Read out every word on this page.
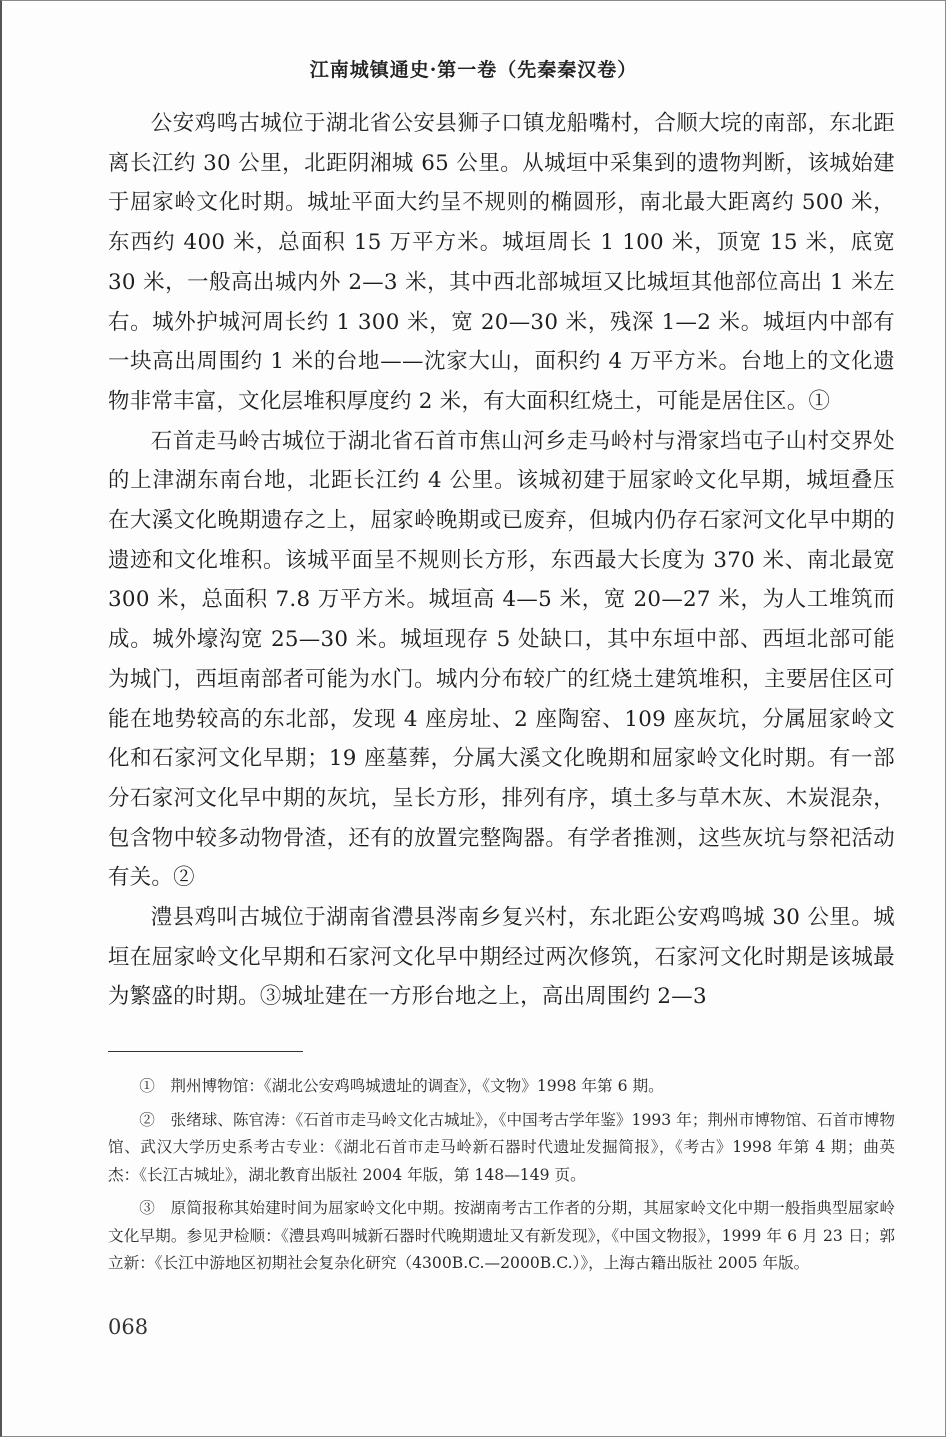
江南城镇通史·第一卷（先秦秦汉卷）

公安鸡鸣古城位于湖北省公安县狮子口镇龙船嘴村，合顺大垸的南部，东北距离长江约 30 公里，北距阴湘城 65 公里。从城垣中采集到的遗物判断，该城始建于屈家岭文化时期。城址平面大约呈不规则的椭圆形，南北最大距离约 500 米，东西约 400 米，总面积 15 万平方米。城垣周长 1 100 米，顶宽 15 米，底宽 30 米，一般高出城内外 2—3 米，其中西北部城垣又比城垣其他部位高出 1 米左右。城外护城河周长约 1 300 米，宽 20—30 米，残深 1—2 米。城垣内中部有一块高出周围约 1 米的台地——沈家大山，面积约 4 万平方米。台地上的文化遗物非常丰富，文化层堆积厚度约 2 米，有大面积红烧土，可能是居住区。①

石首走马岭古城位于湖北省石首市焦山河乡走马岭村与滑家垱屯子山村交界处的上津湖东南台地，北距长江约 4 公里。该城初建于屈家岭文化早期，城垣叠压在大溪文化晚期遗存之上，屈家岭晚期或已废弃，但城内仍存石家河文化早中期的遗迹和文化堆积。该城平面呈不规则长方形，东西最大长度为 370 米、南北最宽 300 米，总面积 7.8 万平方米。城垣高 4—5 米，宽 20—27 米，为人工堆筑而成。城外壕沟宽 25—30 米。城垣现存 5 处缺口，其中东垣中部、西垣北部可能为城门，西垣南部者可能为水门。城内分布较广的红烧土建筑堆积，主要居住区可能在地势较高的东北部，发现 4 座房址、2 座陶窑、109 座灰坑，分属屈家岭文化和石家河文化早期；19 座墓葬，分属大溪文化晚期和屈家岭文化时期。有一部分石家河文化早中期的灰坑，呈长方形，排列有序，填土多与草木灰、木炭混杂，包含物中较多动物骨渣，还有的放置完整陶器。有学者推测，这些灰坑与祭祀活动有关。②

澧县鸡叫古城位于湖南省澧县涔南乡复兴村，东北距公安鸡鸣城 30 公里。城垣在屈家岭文化早期和石家河文化早中期经过两次修筑，石家河文化时期是该城最为繁盛的时期。③城址建在一方形台地之上，高出周围约 2—3

①　荆州博物馆：《湖北公安鸡鸣城遗址的调查》，《文物》1998 年第 6 期。

②　张绪球、陈官涛：《石首市走马岭文化古城址》，《中国考古学年鉴》1993 年；荆州市博物馆、石首市博物馆、武汉大学历史系考古专业：《湖北石首市走马岭新石器时代遗址发掘简报》，《考古》1998 年第 4 期；曲英杰：《长江古城址》，湖北教育出版社 2004 年版，第 148—149 页。

③　原简报称其始建时间为屈家岭文化中期。按湖南考古工作者的分期，其屈家岭文化中期一般指典型屈家岭文化早期。参见尹检顺：《澧县鸡叫城新石器时代晚期遗址又有新发现》，《中国文物报》，1999 年 6 月 23 日；郭立新：《长江中游地区初期社会复杂化研究（4300B.C.—2000B.C.）》，上海古籍出版社 2005 年版。

068
